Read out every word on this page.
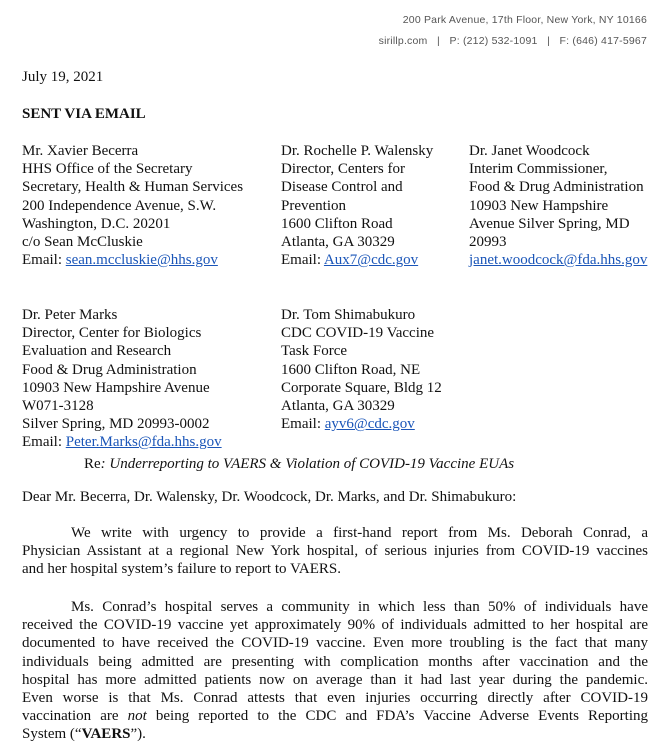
200 Park Avenue, 17th Floor, New York, NY 10166
sirillp.com | P: (212) 532-1091 | F: (646) 417-5967
July 19, 2021
SENT VIA EMAIL
Mr. Xavier Becerra
HHS Office of the Secretary
Secretary, Health & Human Services
200 Independence Avenue, S.W.
Washington, D.C. 20201
c/o Sean McCluskie
Email: sean.mccluskie@hhs.gov
Dr. Rochelle P. Walensky
Director, Centers for
Disease Control and
Prevention
1600 Clifton Road
Atlanta, GA 30329
Email: Aux7@cdc.gov
Dr. Janet Woodcock
Interim Commissioner,
Food & Drug Administration
10903 New Hampshire
Avenue Silver Spring, MD
20993
janet.woodcock@fda.hhs.gov
Dr. Peter Marks
Director, Center for Biologics
Evaluation and Research
Food & Drug Administration
10903 New Hampshire Avenue
W071-3128
Silver Spring, MD 20993-0002
Email: Peter.Marks@fda.hhs.gov
Dr. Tom Shimabukuro
CDC COVID-19 Vaccine
Task Force
1600 Clifton Road, NE
Corporate Square, Bldg 12
Atlanta, GA 30329
Email: ayv6@cdc.gov
Re: Underreporting to VAERS & Violation of COVID-19 Vaccine EUAs
Dear Mr. Becerra, Dr. Walensky, Dr. Woodcock, Dr. Marks, and Dr. Shimabukuro:
We write with urgency to provide a first-hand report from Ms. Deborah Conrad, a
Physician Assistant at a regional New York hospital, of serious injuries from COVID-19 vaccines
and her hospital system’s failure to report to VAERS.
Ms. Conrad’s hospital serves a community in which less than 50% of individuals have
received the COVID-19 vaccine yet approximately 90% of individuals admitted to her hospital are
documented to have received the COVID-19 vaccine. Even more troubling is the fact that many
individuals being admitted are presenting with complication months after vaccination and the
hospital has more admitted patients now on average than it had last year during the pandemic.
Even worse is that Ms. Conrad attests that even injuries occurring directly after COVID-19
vaccination are not being reported to the CDC and FDA’s Vaccine Adverse Events Reporting
System (“VAERS”).
